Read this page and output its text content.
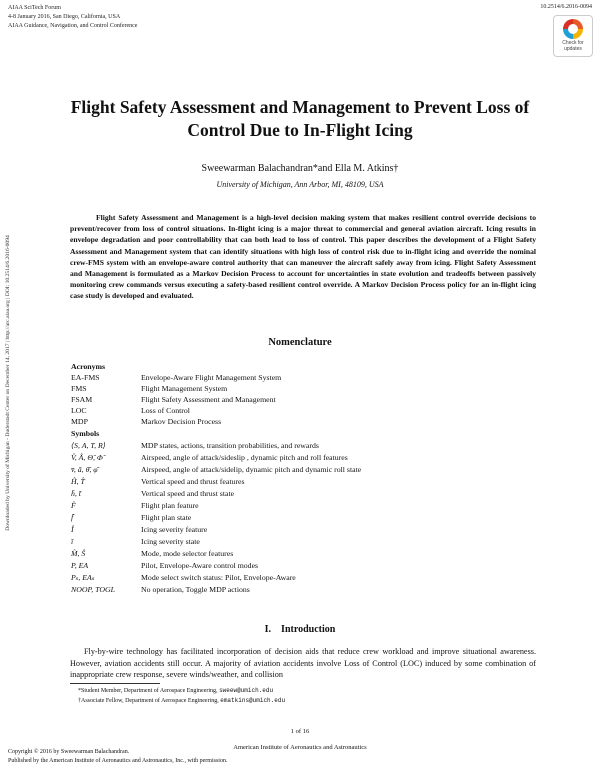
AIAA SciTech Forum
4-8 January 2016, San Diego, California, USA
AIAA Guidance, Navigation, and Control Conference
10.2514/6.2016-0094
Check for
updates
Downloaded by University of Michigan - Duderstadt Center on December 14, 2017 | http://arc.aiaa.org | DOI: 10.2514/6.2016-0094
Flight Safety Assessment and Management to Prevent Loss of
Control Due to In-Flight Icing
Sweewarman Balachandran*and Ella M. Atkins†
University of Michigan, Ann Arbor, MI, 48109, USA
Flight Safety Assessment and Management is a high-level decision making system that makes resilient control override decisions to prevent/recover from loss of control situations. In-flight icing is a major threat to commercial and general aviation aircraft. Icing results in envelope degradation and poor controllability that can both lead to loss of control. This paper describes the development of a Flight Safety Assessment and Management system that can identify situations with high loss of control risk due to in-flight icing and override the nominal crew-FMS system with an envelope-aware control authority that can maneuver the aircraft safely away from icing. Flight Safety Assessment and Management is formulated as a Markov Decision Process to account for uncertainties in state evolution and tradeoffs between passively monitoring crew commands versus executing a safety-based resilient control override. A Markov Decision Process policy for an in-flight icing case study is developed and evaluated.
Nomenclature
Acronyms
EA-FMS	Envelope-Aware Flight Management System
FMS	Flight Management System
FSAM	Flight Safety Assessment and Management
LOC	Loss of Control
MDP	Markov Decision Process
Symbols
⟨S, A, T, R⟩	MDP states, actions, transition probabilities, and rewards
V̂, Â, Θ̂, Φ̂	Airspeed, angle of attack/sideslip , dynamic pitch and roll features
v̄, ā, θ̄, φ̄	Airspeed, angle of attack/sidelip, dynamic pitch and dynamic roll state
Ĥ, T̂	Vertical speed and thrust features
h̄, t̄	Vertical speed and thrust state
F̂	Flight plan feature
f̄	Flight plan state
Î	Icing severity feature
ī	Icing severity state
M̂, Ŝ	Mode, mode selector features
P, EA	Pilot, Envelope-Aware control modes
Pₛ, EAₛ	Mode select switch status: Pilot, Envelope-Aware
NOOP, TOGL	No operation, Toggle MDP actions
I.    Introduction
Fly-by-wire technology has facilitated incorporation of decision aids that reduce crew workload and improve situational awareness. However, aviation accidents still occur. A majority of aviation accidents involve Loss of Control (LOC) induced by some combination of inappropriate crew response, severe winds/weather, and collision
*Student Member, Department of Aerospace Engineering, sweew@umich.edu
†Associate Fellow, Department of Aerospace Engineering, ematkins@umich.edu
1 of 16
American Institute of Aeronautics and Astronautics
Copyright © 2016 by Sweewarman Balachandran.
Published by the American Institute of Aeronautics and Astronautics, Inc., with permission.
